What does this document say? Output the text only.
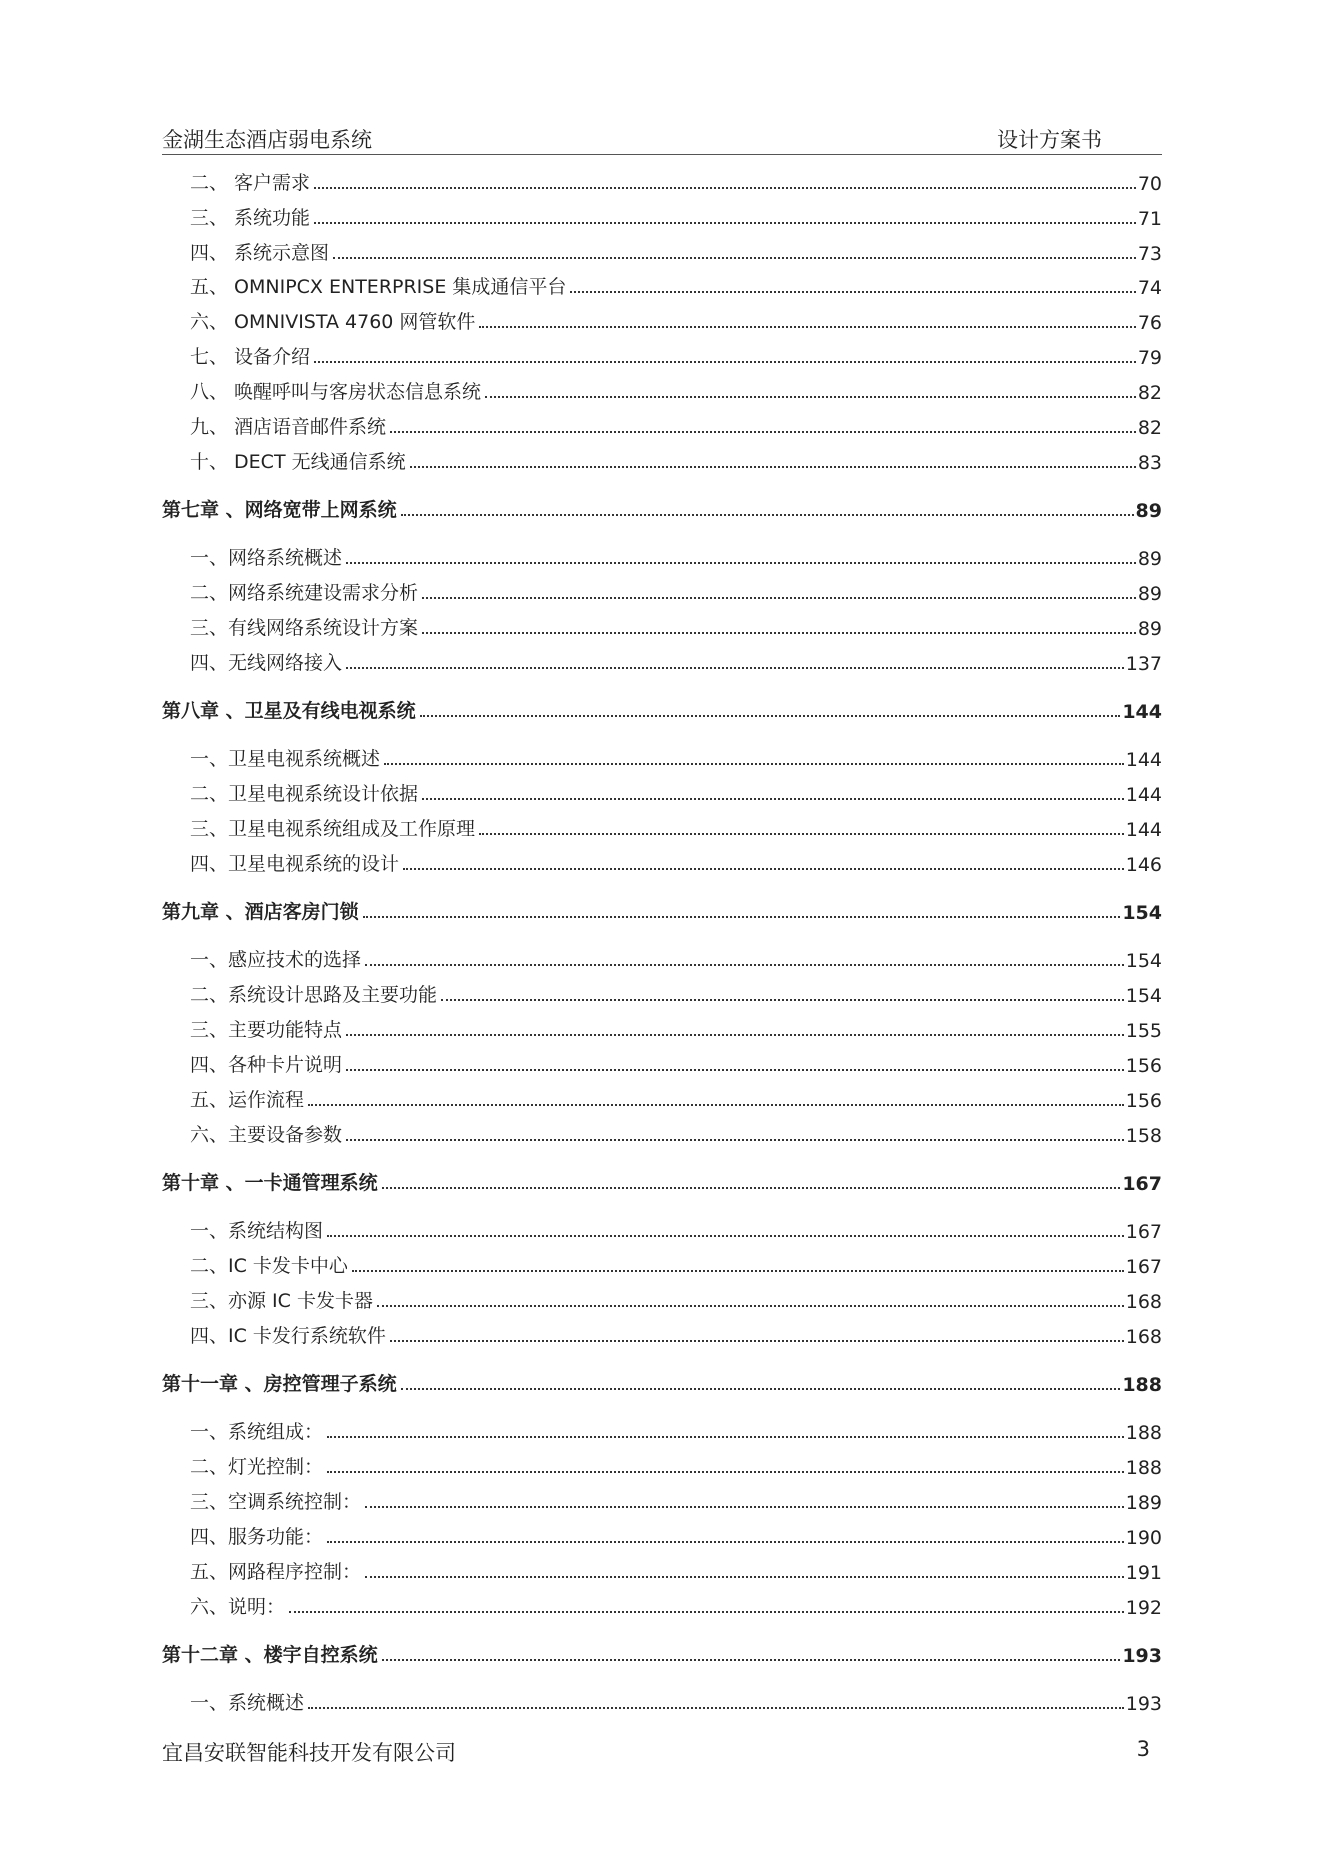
金湖生态酒店弱电系统	设计方案书
二、 客户需求	70
三、 系统功能	71
四、 系统示意图	73
五、 OMNIPCX ENTERPRISE 集成通信平台	74
六、 OMNIVISTA 4760 网管软件	76
七、 设备介绍	79
八、 唤醒呼叫与客房状态信息系统	82
九、 酒店语音邮件系统	82
十、 DECT 无线通信系统	83
第七章 、网络宽带上网系统	89
一、网络系统概述	89
二、网络系统建设需求分析	89
三、有线网络系统设计方案	89
四、无线网络接入	137
第八章 、卫星及有线电视系统	144
一、卫星电视系统概述	144
二、卫星电视系统设计依据	144
三、卫星电视系统组成及工作原理	144
四、卫星电视系统的设计	146
第九章 、酒店客房门锁	154
一、感应技术的选择	154
二、系统设计思路及主要功能	154
三、主要功能特点	155
四、各种卡片说明	156
五、运作流程	156
六、主要设备参数	158
第十章 、一卡通管理系统	167
一、系统结构图	167
二、IC 卡发卡中心	167
三、亦源 IC 卡发卡器	168
四、IC 卡发行系统软件	168
第十一章 、房控管理子系统	188
一、系统组成：	188
二、灯光控制：	188
三、空调系统控制：	189
四、服务功能：	190
五、网路程序控制：	191
六、说明：	192
第十二章 、楼宇自控系统	193
一、系统概述	193
宜昌安联智能科技开发有限公司	3
